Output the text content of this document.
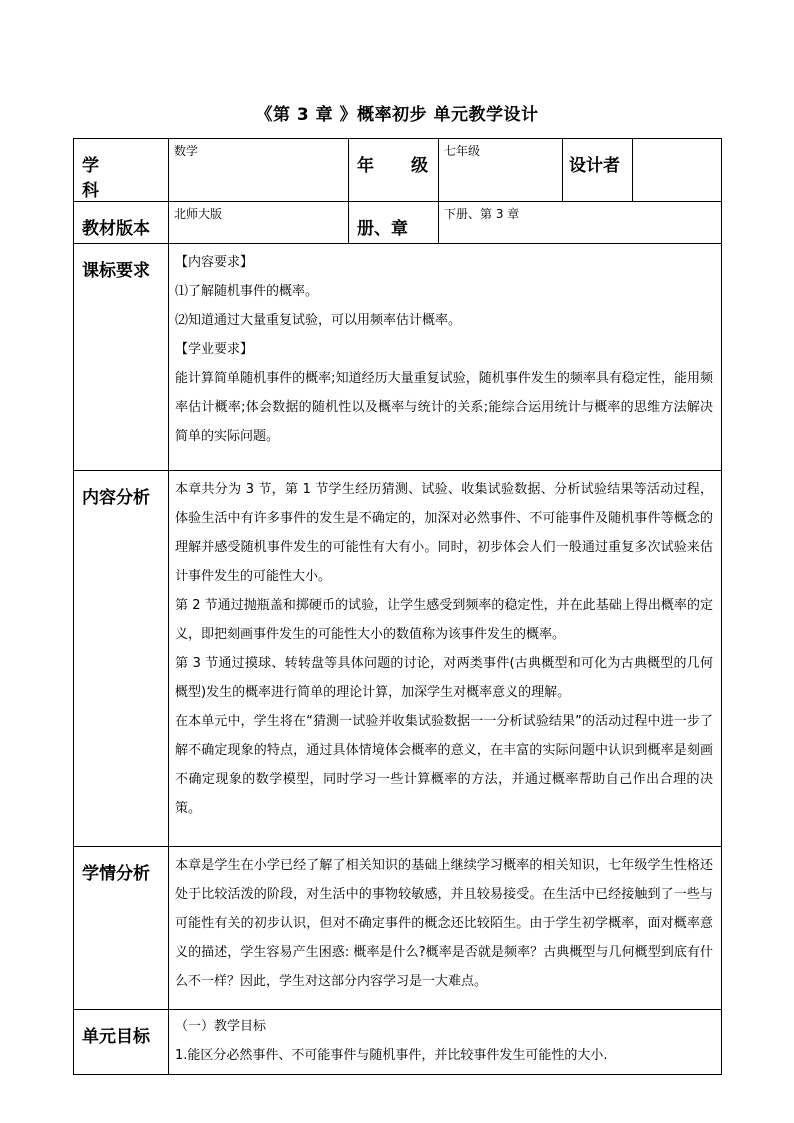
《第 3 章 》概率初步 单元教学设计
学　科	数学	年　级	七年级	设计者	
教材版本	北师大版	册、章	下册、第 3 章		
课标要求	【内容要求】

⑴了解随机事件的概率。

⑵知道通过大量重复试验，可以用频率估计概率。

【学业要求】

能计算简单随机事件的概率;知道经历大量重复试验，随机事件发生的频率具有稳定性，能用频率估计概率;体会数据的随机性以及概率与统计的关系;能综合运用统计与概率的思维方法解决简单的实际问题。				

内容分析	本章共分为 3 节，第 1 节学生经历猜测、试验、收集试验数据、分析试验结果等活动过程，体验生活中有许多事件的发生是不确定的，加深对必然事件、不可能事件及随机事件等概念的理解并感受随机事件发生的可能性有大有小。同时，初步体会人们一般通过重复多次试验来估计事件发生的可能性大小。

第 2 节通过抛瓶盖和掷硬币的试验，让学生感受到频率的稳定性，并在此基础上得出概率的定义，即把刻画事件发生的可能性大小的数值称为该事件发生的概率。

第 3 节通过摸球、转转盘等具体问题的讨论，对两类事件(古典概型和可化为古典概型的几何概型)发生的概率进行简单的理论计算，加深学生对概率意义的理解。

在本单元中，学生将在“猜测一试验并收集试验数据一一分析试验结果”的活动过程中进一步了解不确定现象的特点，通过具体情境体会概率的意义，在丰富的实际问题中认识到概率是刻画不确定现象的数学模型，同时学习一些计算概率的方法，并通过概率帮助自己作出合理的决策。				

学情分析	本章是学生在小学已经了解了相关知识的基础上继续学习概率的相关知识，七年级学生性格还处于比较活泼的阶段，对生活中的事物较敏感，并且较易接受。在生活中已经接触到了一些与可能性有关的初步认识，但对不确定事件的概念还比较陌生。由于学生初学概率，面对概率意义的描述，学生容易产生困惑: 概率是什么?概率是否就是频率？古典概型与几何概型到底有什么不一样？因此，学生对这部分内容学习是一大难点。				

单元目标	（一）教学目标

1.能区分必然事件、不可能事件与随机事件，并比较事件发生可能性的大小.				
